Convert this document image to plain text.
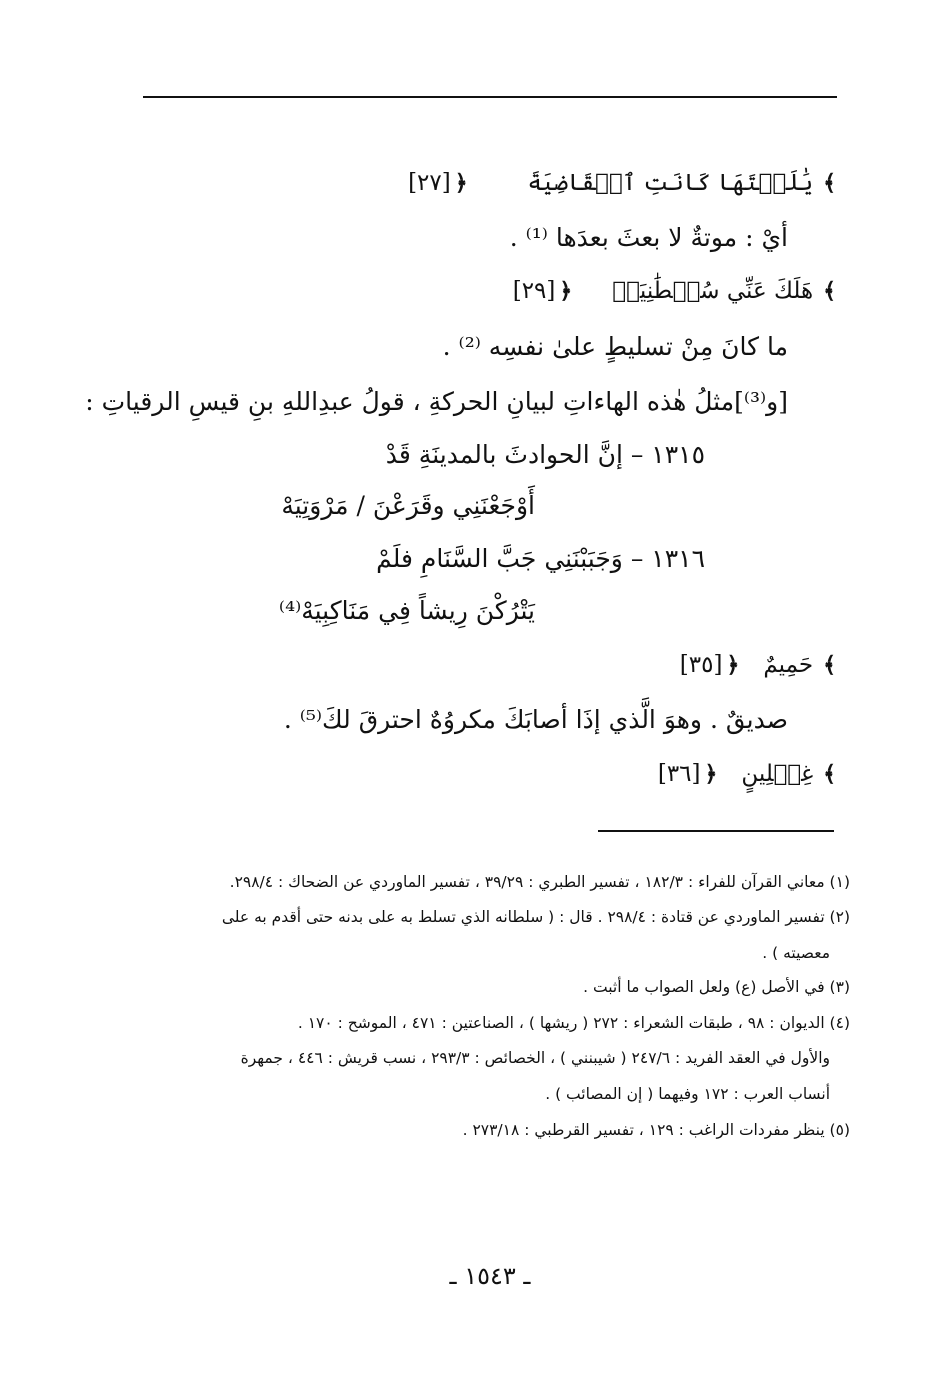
﴾
يَٰلَيۡتَهَا كَانَتِ ٱلۡقَاضِيَةَ
﴿
[٢٧]
أيْ : موتةٌ لا بعثَ بعدَها ⁽¹⁾ .
﴾
هَلَكَ عَنِّي سُلۡطَٰنِيَهۡ
﴿
[٢٩]
ما كانَ مِنْ تسليطٍ علىٰ نفسِه ⁽²⁾ .
[و⁽³⁾]مثلُ هٰذه الهاءاتِ لبيانِ الحركةِ ، قولُ عبدِاللهِ بنِ قيسِ الرقياتِ :
١٣١٥ – إنَّ الحوادثَ بالمدينَةِ قَدْ
أَوْجَعْنَنِي وقَرَعْنَ / مَرْوَتِيَهْ
١٣١٦ – وَجَبَبْنَنِي جَبَّ السَّنَامِ فلَمْ
يَتْرُكْنَ رِيشاً فِي مَنَاكِبِيَهْ⁽⁴⁾
﴾
حَمِيمٌ
﴿
[٣٥]
صديقٌ . وهوَ الَّذي إذَا أصابَكَ مكروُهٌ احترقَ لكَ⁽⁵⁾ .
﴾
غِسۡلِينٍ
﴿
[٣٦]
(١) معاني القرآن للفراء : ١٨٢/٣ ، تفسير الطبري : ٣٩/٢٩ ، تفسير الماوردي عن الضحاك : ٢٩٨/٤.
(٢) تفسير الماوردي عن قتادة : ٢٩٨/٤ . قال : ( سلطانه الذي تسلط به على بدنه حتى أقدم به على
معصيته ) .
(٣) في الأصل (ع) ولعل الصواب ما أثبت .
(٤) الديوان : ٩٨ ، طبقات الشعراء : ٢٧٢ ( ريشها ) ، الصناعتين : ٤٧١ ، الموشح : ١٧٠ .
والأول في العقد الفريد : ٢٤٧/٦ ( شيبنني ) ، الخصائص : ٢٩٣/٣ ، نسب قريش : ٤٤٦ ، جمهرة
أنساب العرب : ١٧٢ وفيهما ( إن المصائب ) .
(٥) ينظر مفردات الراغب : ١٢٩ ، تفسير القرطبي : ٢٧٣/١٨ .
ـ ١٥٤٣ ـ
